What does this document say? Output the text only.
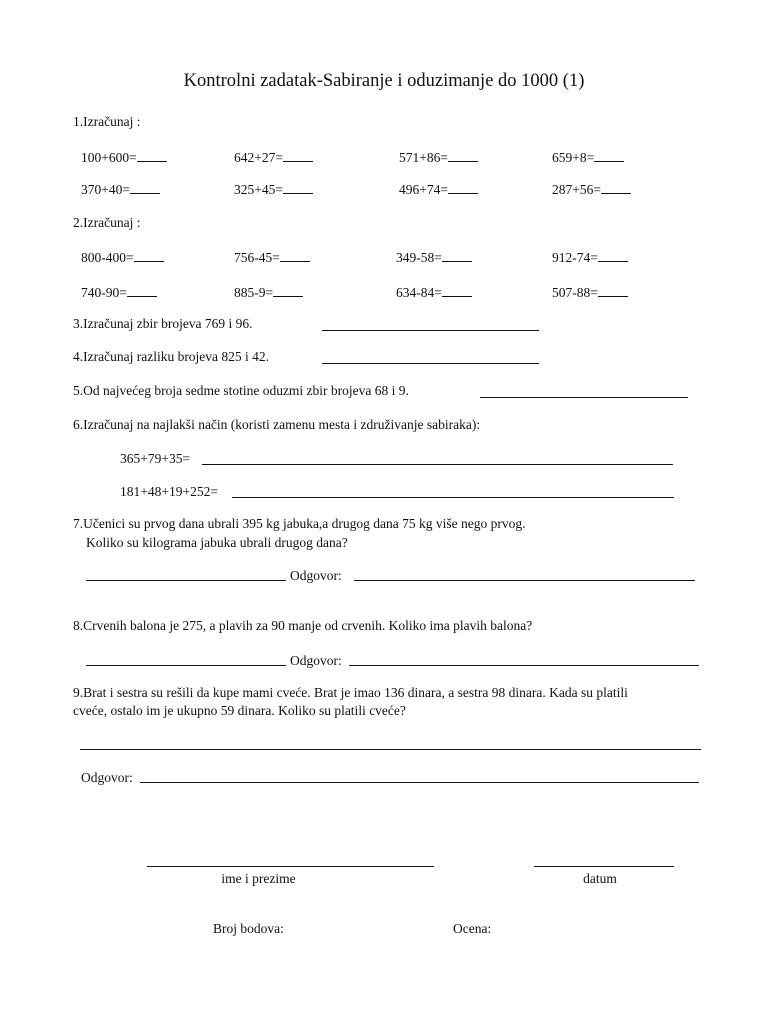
Kontrolni zadatak-Sabiranje i oduzimanje do 1000 (1)
1.Izračunaj :
100+600=	642+27=	571+86=	659+8=
370+40=	325+45=	496+74=	287+56=
2.Izračunaj :
800-400=	756-45=	349-58=	912-74=
740-90=	885-9=	634-84=	507-88=
3.Izračunaj zbir brojeva 769 i 96.
4.Izračunaj razliku brojeva 825 i 42.
5.Od najvećeg broja sedme stotine oduzmi zbir brojeva 68 i 9.
6.Izračunaj na najlakši način (koristi zamenu mesta i združivanje sabiraka):
365+79+35=
181+48+19+252=
7.Učenici su prvog dana ubrali 395 kg jabuka,a drugog dana 75 kg više nego prvog.
Koliko su kilograma jabuka ubrali drugog dana?
Odgovor:
8.Crvenih balona je 275, a plavih za 90 manje od crvenih. Koliko ima plavih balona?
Odgovor:
9.Brat i sestra su rešili da kupe mami cveće. Brat je imao 136 dinara, a sestra 98 dinara. Kada su platili
cveće, ostalo im je ukupno 59 dinara. Koliko su platili cveće?
Odgovor:
ime i prezime	datum
Broj bodova:	Ocena:
